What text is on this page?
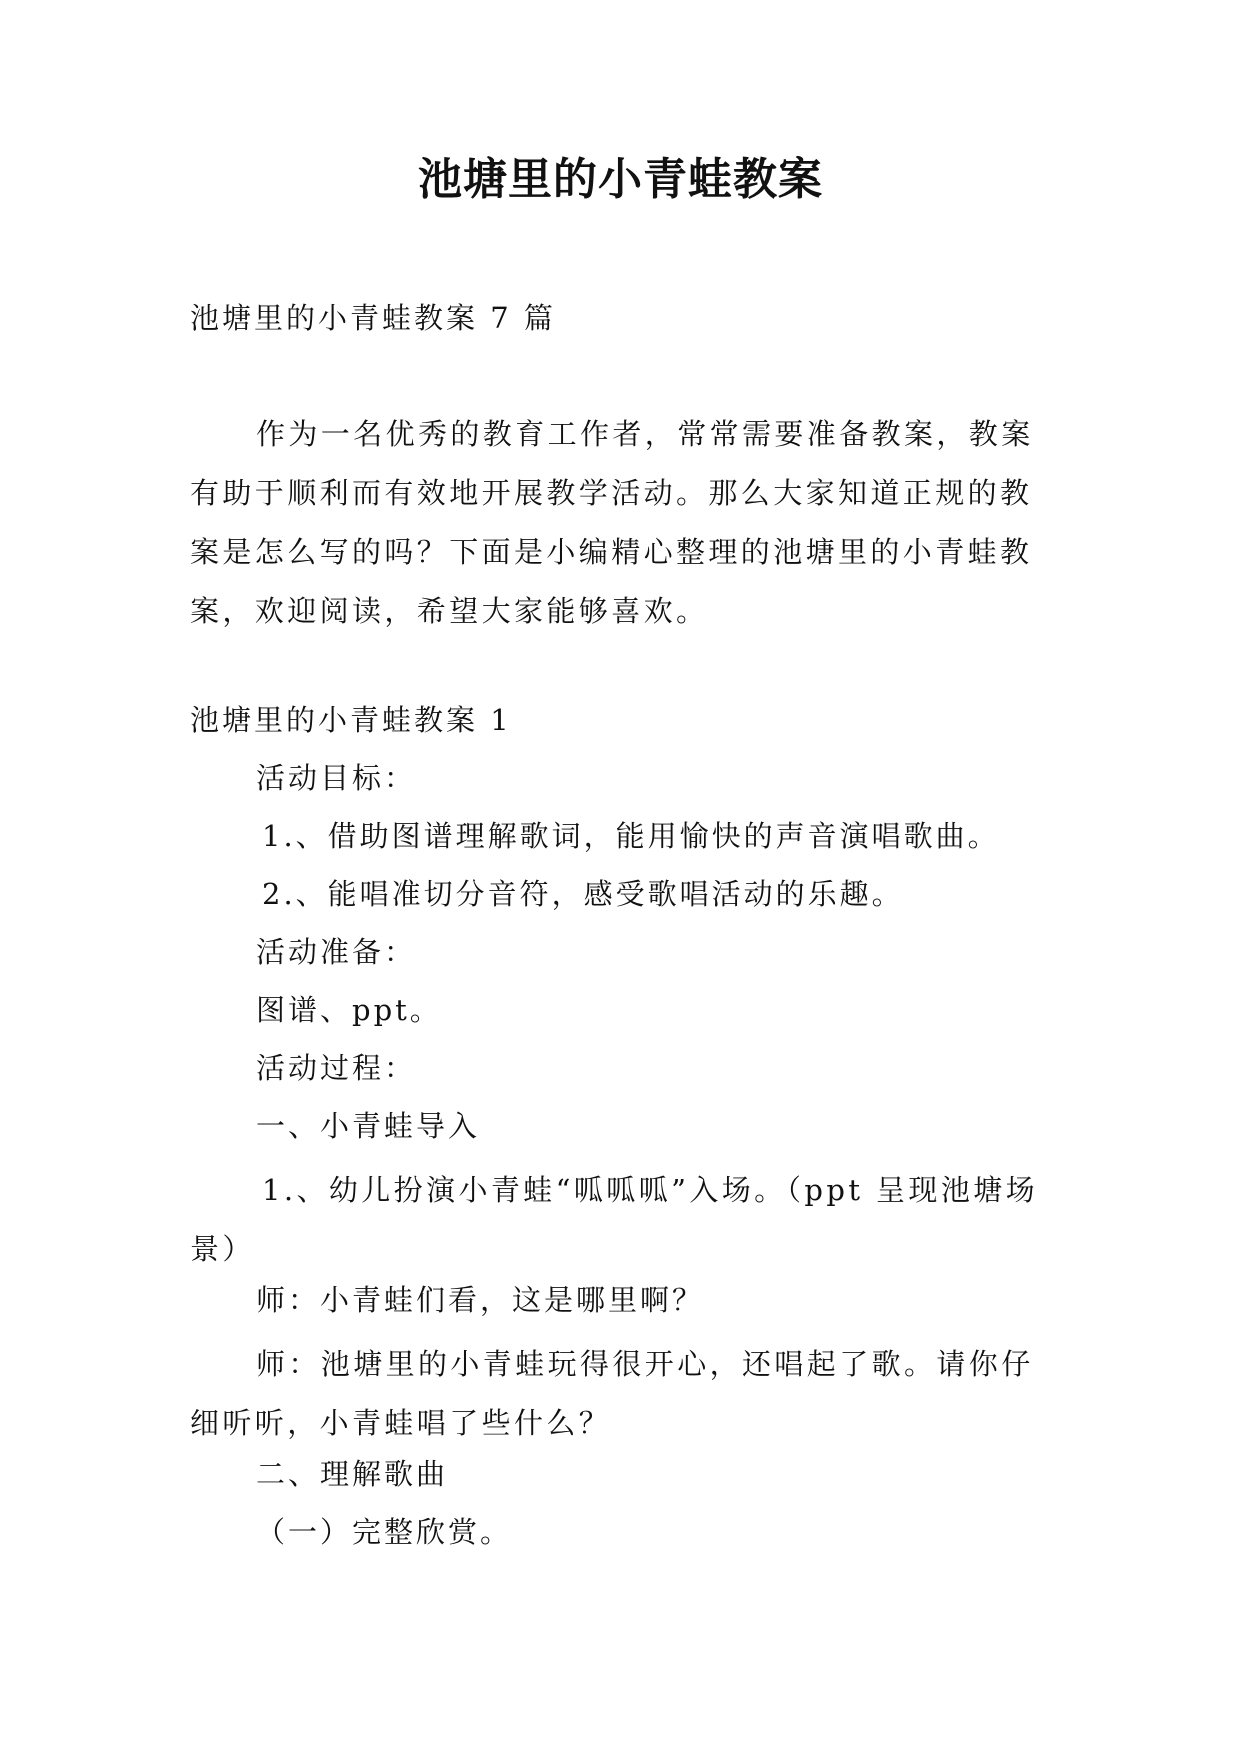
池塘里的小青蛙教案
池塘里的小青蛙教案 7 篇
作为一名优秀的教育工作者，常常需要准备教案，教案有助于顺利而有效地开展教学活动。那么大家知道正规的教案是怎么写的吗？下面是小编精心整理的池塘里的小青蛙教案，欢迎阅读，希望大家能够喜欢。
池塘里的小青蛙教案 1
活动目标：
1.、借助图谱理解歌词，能用愉快的声音演唱歌曲。
2.、能唱准切分音符，感受歌唱活动的乐趣。
活动准备：
图谱、ppt。
活动过程：
一、小青蛙导入
1.、幼儿扮演小青蛙“呱呱呱”入场。（ppt 呈现池塘场景）
师：小青蛙们看，这是哪里啊？
师：池塘里的小青蛙玩得很开心，还唱起了歌。请你仔细听听，小青蛙唱了些什么？
二、理解歌曲
（一）完整欣赏。
